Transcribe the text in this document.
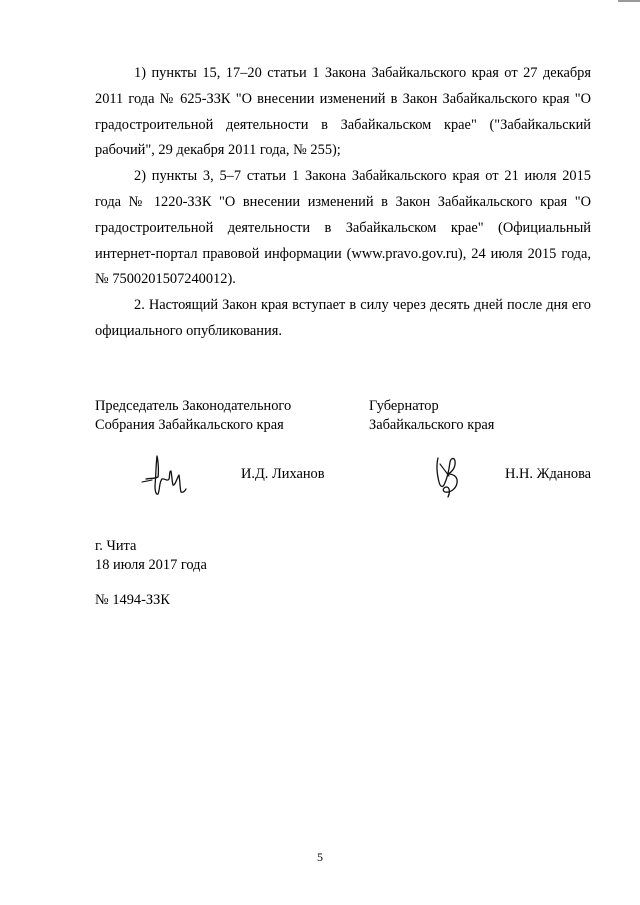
1) пункты 15, 17–20 статьи 1 Закона Забайкальского края от 27 декабря 2011 года № 625-ЗЗК "О внесении изменений в Закон Забайкальского края "О градостроительной деятельности в Забайкальском крае" ("Забайкальский рабочий", 29 декабря 2011 года, № 255);

2) пункты 3, 5–7 статьи 1 Закона Забайкальского края от 21 июля 2015 года № 1220-ЗЗК "О внесении изменений в Закон Забайкальского края "О градостроительной деятельности в Забайкальском крае" (Официальный интернет-портал правовой информации (www.pravo.gov.ru), 24 июля 2015 года, № 7500201507240012).

2. Настоящий Закон края вступает в силу через десять дней после дня его официального опубликования.

Председатель Законодательного
Собрания Забайкальского края
Губернатор
Забайкальского края
И.Д. Лиханов	Н.Н. Жданова
г. Чита
18 июля 2017 года
№ 1494-ЗЗК
5
